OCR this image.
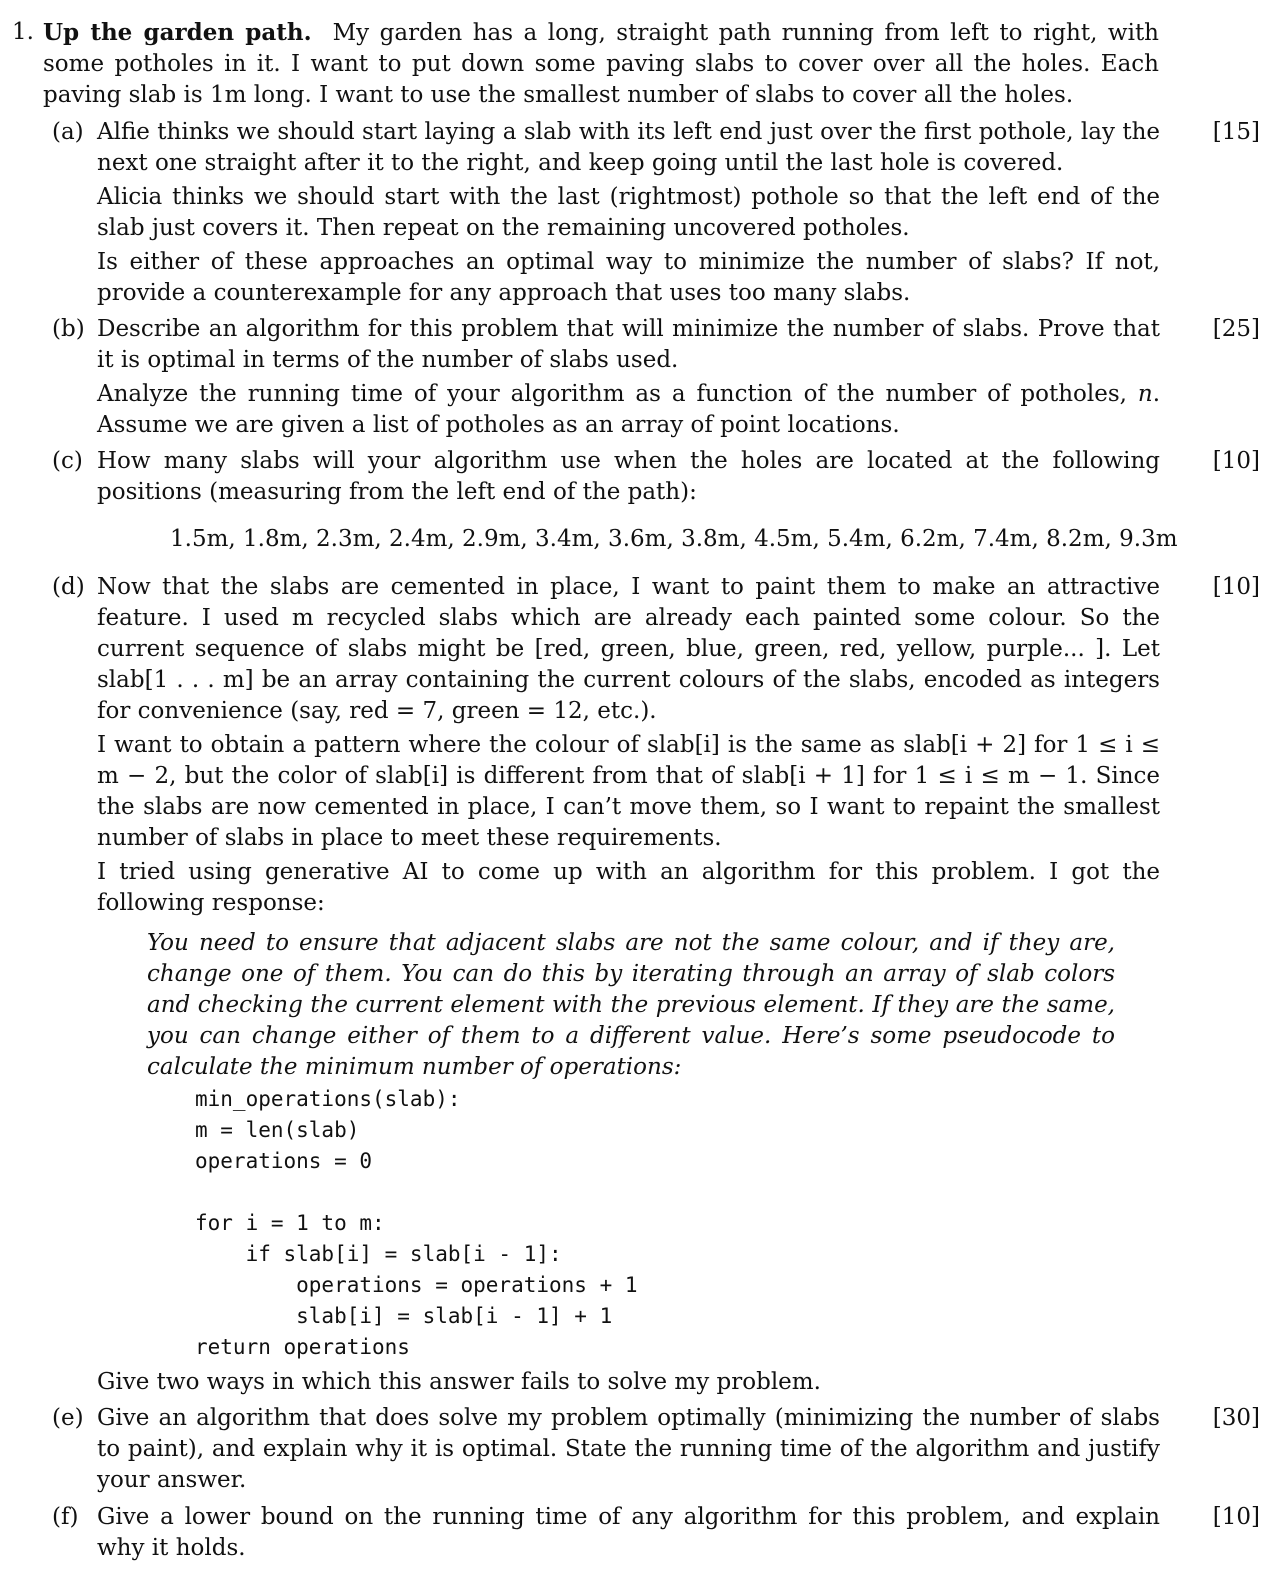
1. Up the garden path. My garden has a long, straight path running from left to right, with some potholes in it. I want to put down some paving slabs to cover over all the holes. Each paving slab is 1m long. I want to use the smallest number of slabs to cover all the holes.
(a)	[15]

Alfie thinks we should start laying a slab with its left end just over the first pothole, lay the next one straight after it to the right, and keep going until the last hole is covered.

Alicia thinks we should start with the last (rightmost) pothole so that the left end of the slab just covers it. Then repeat on the remaining uncovered potholes.

Is either of these approaches an optimal way to minimize the number of slabs? If not, provide a counterexample for any approach that uses too many slabs.

(b)	[25]

Describe an algorithm for this problem that will minimize the number of slabs. Prove that it is optimal in terms of the number of slabs used.

Analyze the running time of your algorithm as a function of the number of potholes, n. Assume we are given a list of potholes as an array of point locations.

(c)	[10]

How many slabs will your algorithm use when the holes are located at the following positions (measuring from the left end of the path):

1.5m, 1.8m, 2.3m, 2.4m, 2.9m, 3.4m, 3.6m, 3.8m, 4.5m, 5.4m, 6.2m, 7.4m, 8.2m, 9.3m
(d)	[10]

Now that the slabs are cemented in place, I want to paint them to make an attractive feature. I used m recycled slabs which are already each painted some colour. So the current sequence of slabs might be [red, green, blue, green, red, yellow, purple... ]. Let slab[1 . . . m] be an array containing the current colours of the slabs, encoded as integers for convenience (say, red = 7, green = 12, etc.).

I want to obtain a pattern where the colour of slab[i] is the same as slab[i + 2] for 1 ≤ i ≤ m − 2, but the color of slab[i] is different from that of slab[i + 1] for 1 ≤ i ≤ m − 1. Since the slabs are now cemented in place, I can’t move them, so I want to repaint the smallest number of slabs in place to meet these requirements.

I tried using generative AI to come up with an algorithm for this problem. I got the following response:

You need to ensure that adjacent slabs are not the same colour, and if they are, change one of them. You can do this by iterating through an array of slab colors and checking the current element with the previous element. If they are the same, you can change either of them to a different value. Here’s some pseudocode to calculate the minimum number of operations:
min_operations(slab):
m = len(slab)
operations = 0

for i = 1 to m:
if slab[i] = slab[i - 1]:
operations = operations + 1
slab[i] = slab[i - 1] + 1
return operations
Give two ways in which this answer fails to solve my problem.
(e)	[30]

Give an algorithm that does solve my problem optimally (minimizing the number of slabs to paint), and explain why it is optimal. State the running time of the algorithm and justify your answer.

(f)	[10]

Give a lower bound on the running time of any algorithm for this problem, and explain why it holds.
